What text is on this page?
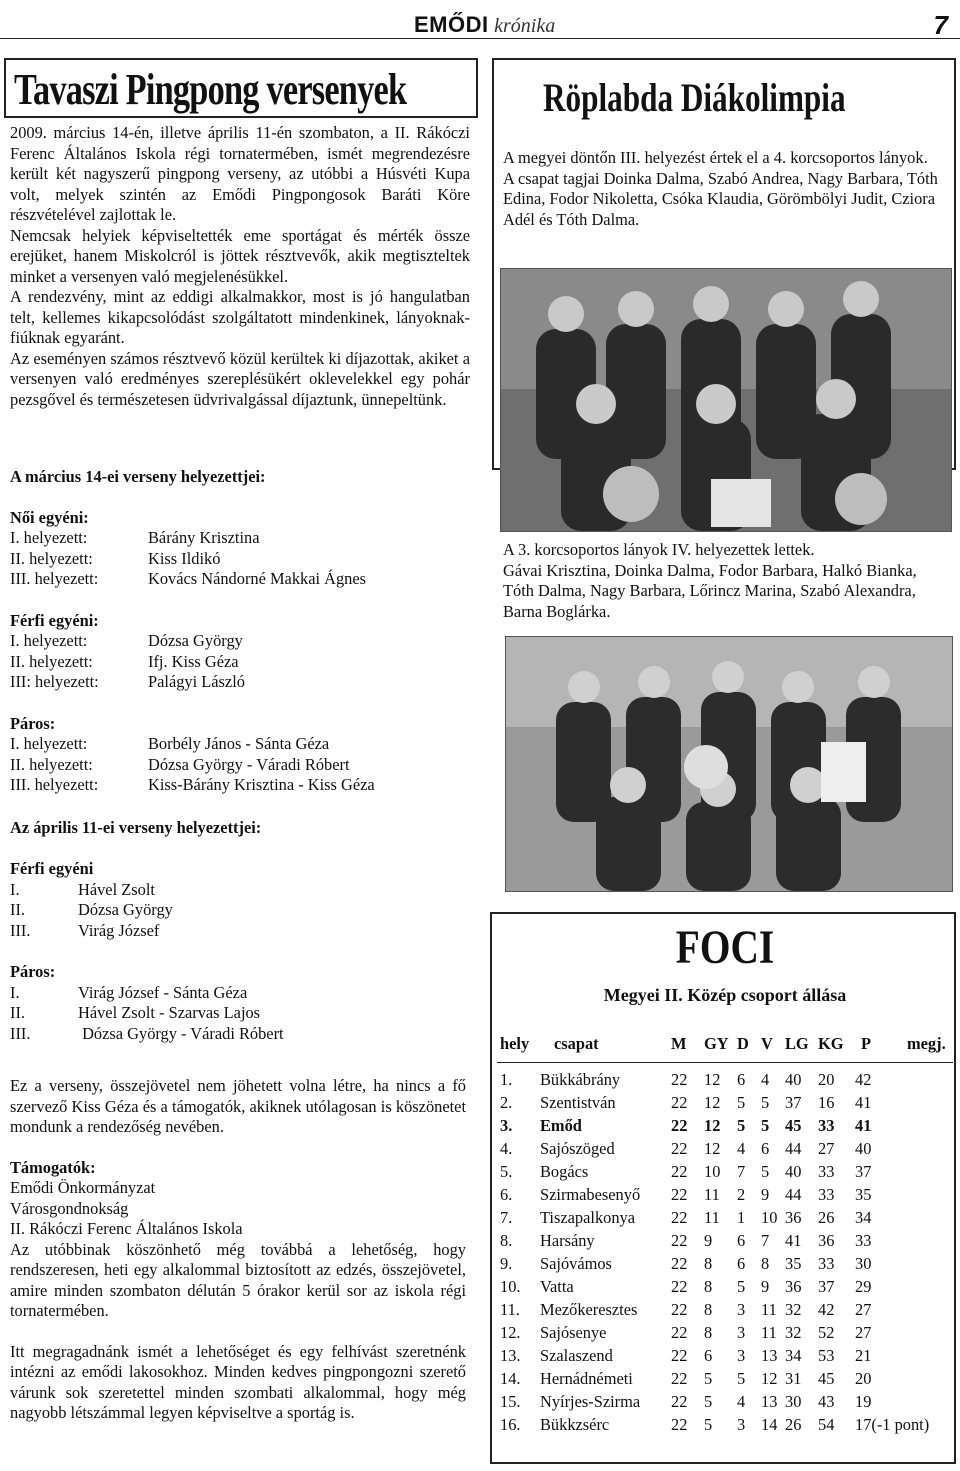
EMŐDI krónika	7
Tavaszi Pingpong versenyek

2009. március 14-én, illetve április 11-én szombaton, a II. Rákóczi Ferenc Általános Iskola régi tornatermében, ismét megrendezésre került két nagyszerű pingpong verseny, az utóbbi a Húsvéti Kupa volt, melyek szintén az Emődi Pingpongosok Baráti Köre részvételével zajlottak le.

Nemcsak helyiek képviseltették eme sportágat és mérték össze erejüket, hanem Miskolcról is jöttek résztvevők, akik megtiszteltek minket a versenyen való megjelenésükkel.

A rendezvény, mint az eddigi alkalmakkor, most is jó hangulatban telt, kellemes kikapcsolódást szolgáltatott mindenkinek, lányoknak-fiúknak egyaránt.

Az eseményen számos résztvevő közül kerültek ki díjazottak, akiket a versenyen való eredményes szereplésükért oklevelekkel egy pohár pezsgővel és természetesen üdvrivalgással díjaztunk, ünnepeltünk.

A március 14-ei verseny helyezettjei:
Női egyéni:
I. helyezett:	Bárány Krisztina
II. helyezett:	Kiss Ildikó
III. helyezett:	Kovács Nándorné Makkai Ágnes
Férfi egyéni:
I. helyezett:	Dózsa György
II. helyezett:	Ifj. Kiss Géza
III: helyezett:	Palágyi László
Páros:
I. helyezett:	Borbély János - Sánta Géza
II. helyezett:	Dózsa György - Váradi Róbert
III. helyezett:	Kiss-Bárány Krisztina - Kiss Géza
Az április 11-ei verseny helyezettjei:
Férfi egyéni
I.	Hável Zsolt
II.	Dózsa György
III.	Virág József
Páros:
I.	Virág József - Sánta Géza
II.	Hável Zsolt - Szarvas Lajos
III.	Dózsa György - Váradi Róbert

Ez a verseny, összejövetel nem jöhetett volna létre, ha nincs a fő szervező Kiss Géza és a támogatók, akiknek utólagosan is köszönetet mondunk a rendezőség nevében.

Támogatók:
Emődi Önkormányzat
Városgondnokság
II. Rákóczi Ferenc Általános Iskola

Az utóbbinak köszönhető még továbbá a lehetőség, hogy rendszeresen, heti egy alkalommal biztosított az edzés, összejövetel, amire minden szombaton délután 5 órakor kerül sor az iskola régi tornatermében.

Itt megragadnánk ismét a lehetőséget és egy felhívást szeretnénk intézni az emődi lakosokhoz. Minden kedves pingpongozni szerető várunk sok szeretettel minden szombati alkalommal, hogy még nagyobb létszámmal legyen képviseltve a sportág is.

Röplabda Diákolimpia
A megyei döntőn III. helyezést értek el a 4. korcsoportos lányok.
A csapat tagjai Doinka Dalma, Szabó Andrea, Nagy Barbara, Tóth Edina, Fodor Nikoletta, Csóka Klaudia, Görömbölyi Judit, Cziora Adél és Tóth Dalma.
A 3. korcsoportos lányok IV. helyezettek lettek.
Gávai Krisztina, Doinka Dalma, Fodor Barbara, Halkó Bianka, Tóth Dalma, Nagy Barbara, Lőrincz Marina, Szabó Alexandra, Barna Boglárka.
FOCI
Megyei II. Közép csoport állása
hely	csapat	M	GY	D	V	LG	KG	P	megj.

1.	Bükkábrány	22	12	6	4	40	20	42	
2.	Szentistván	22	12	5	5	37	16	41	
3.	Emőd	22	12	5	5	45	33	41	
4.	Sajószöged	22	12	4	6	44	27	40	
5.	Bogács	22	10	7	5	40	33	37	
6.	Szirmabesenyő	22	11	2	9	44	33	35	
7.	Tiszapalkonya	22	11	1	10	36	26	34	
8.	Harsány	22	9	6	7	41	36	33	
9.	Sajóvámos	22	8	6	8	35	33	30	
10.	Vatta	22	8	5	9	36	37	29	
11.	Mezőkeresztes	22	8	3	11	32	42	27	
12.	Sajósenye	22	8	3	11	32	52	27	
13.	Szalaszend	22	6	3	13	34	53	21	
14.	Hernádnémeti	22	5	5	12	31	45	20	
15.	Nyírjes-Szirma	22	5	4	13	30	43	19	
16.	Bükkzsérc	22	5	3	14	26	54	17(-1 pont)	
